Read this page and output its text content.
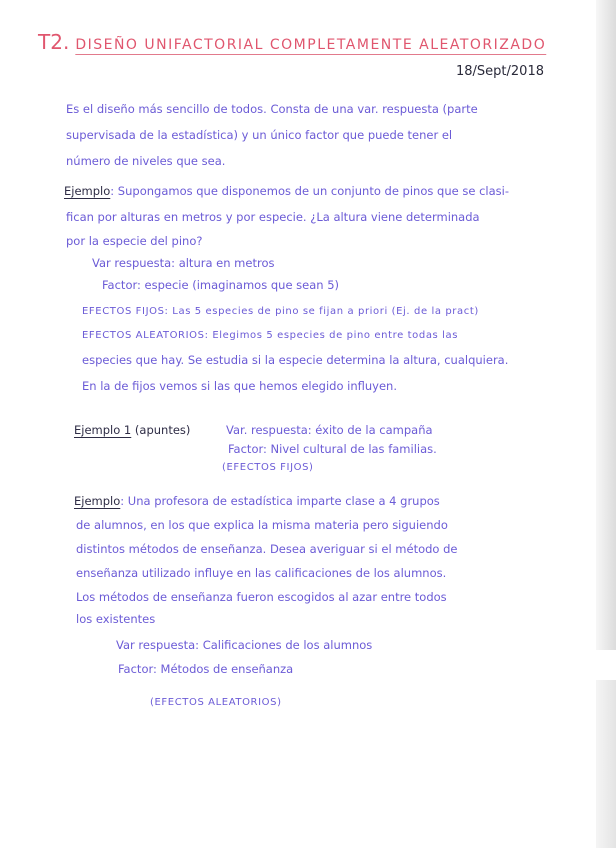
T2. DISEÑO UNIFACTORIAL COMPLETAMENTE ALEATORIZADO
18/Sept/2018
Es el diseño más sencillo de todos. Consta de una var. respuesta (parte
supervisada de la estadística) y un único factor que puede tener el
número de niveles que sea.
Ejemplo: Supongamos que disponemos de un conjunto de pinos que se clasi-
fican por alturas en metros y por especie. ¿La altura viene determinada
por la especie del pino?
Var respuesta: altura en metros
Factor: especie (imaginamos que sean 5)
EFECTOS FIJOS: Las 5 especies de pino se fijan a priori (Ej. de la pract)
EFECTOS ALEATORIOS: Elegimos 5 especies de pino entre todas las
especies que hay. Se estudia si la especie determina la altura, cualquiera.
En la de fijos vemos si las que hemos elegido influyen.
Ejemplo 1 (apuntes)	Var. respuesta: éxito de la campaña
Factor: Nivel cultural de las familias.
(EFECTOS FIJOS)
Ejemplo: Una profesora de estadística imparte clase a 4 grupos
de alumnos, en los que explica la misma materia pero siguiendo
distintos métodos de enseñanza. Desea averiguar si el método de
enseñanza utilizado influye en las calificaciones de los alumnos.
Los métodos de enseñanza fueron escogidos al azar entre todos
los existentes
Var respuesta: Calificaciones de los alumnos
Factor: Métodos de enseñanza
(EFECTOS ALEATORIOS)
